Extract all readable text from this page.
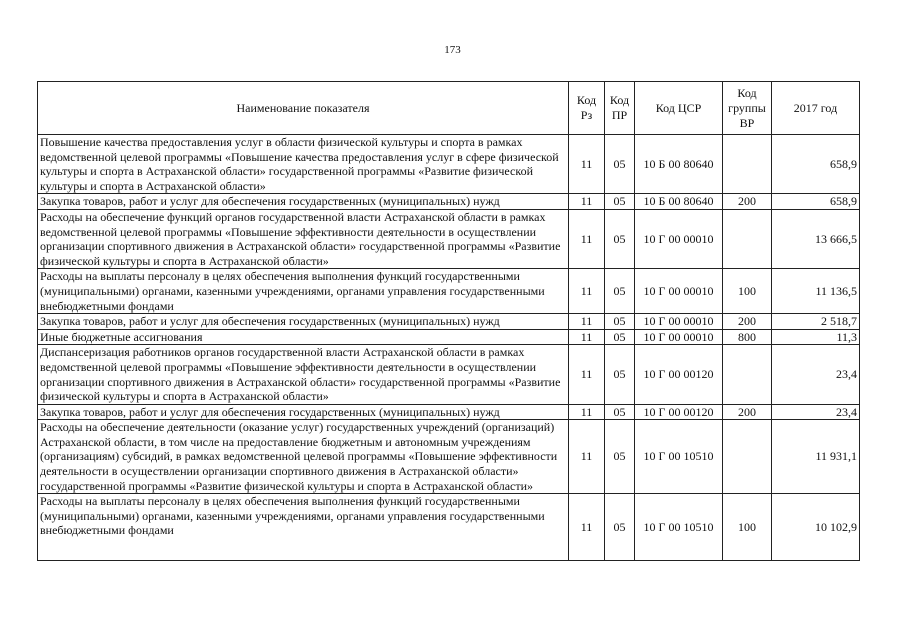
173
Наименование показателя	Код Рз	Код ПР	Код ЦСР	Код группы ВР	2017 год
Повышение качества предоставления услуг в области физической культуры и спорта в рамках ведомственной целевой программы «Повышение качества предоставления услуг в сфере физической культуры и спорта в Астраханской области» государственной программы «Развитие физической культуры и спорта в Астраханской области»	11	05	10 Б 00 80640		658,9
Закупка товаров, работ и услуг для обеспечения государственных (муниципальных) нужд	11	05	10 Б 00 80640	200	658,9
Расходы на обеспечение функций органов государственной власти Астраханской области в рамках ведомственной целевой программы «Повышение эффективности деятельности в осуществлении организации спортивного движения в Астраханской области» государственной программы «Развитие физической культуры и спорта в Астраханской области»	11	05	10 Г 00 00010		13 666,5
Расходы на выплаты персоналу в целях обеспечения выполнения функций государственными (муниципальными) органами, казенными учреждениями, органами управления государственными внебюджетными фондами	11	05	10 Г 00 00010	100	11 136,5
Закупка товаров, работ и услуг для обеспечения государственных (муниципальных) нужд	11	05	10 Г 00 00010	200	2 518,7
Иные бюджетные ассигнования	11	05	10 Г 00 00010	800	11,3
Диспансеризация работников органов государственной власти Астраханской области в рамках ведомственной целевой программы «Повышение эффективности деятельности в осуществлении организации спортивного движения в Астраханской области» государственной программы «Развитие физической культуры и спорта в Астраханской области»	11	05	10 Г 00 00120		23,4
Закупка товаров, работ и услуг для обеспечения государственных (муниципальных) нужд	11	05	10 Г 00 00120	200	23,4
Расходы на обеспечение деятельности (оказание услуг) государственных учреждений (организаций) Астраханской области, в том числе на предоставление бюджетным и автономным учреждениям (организациям) субсидий, в рамках ведомственной целевой программы «Повышение эффективности деятельности в осуществлении организации спортивного движения в Астраханской области» государственной программы «Развитие физической культуры и спорта в Астраханской области»	11	05	10 Г 00 10510		11 931,1
Расходы на выплаты персоналу в целях обеспечения выполнения функций государственными (муниципальными) органами, казенными учреждениями, органами управления государственными внебюджетными фондами	11	05	10 Г 00 10510	100	10 102,9
